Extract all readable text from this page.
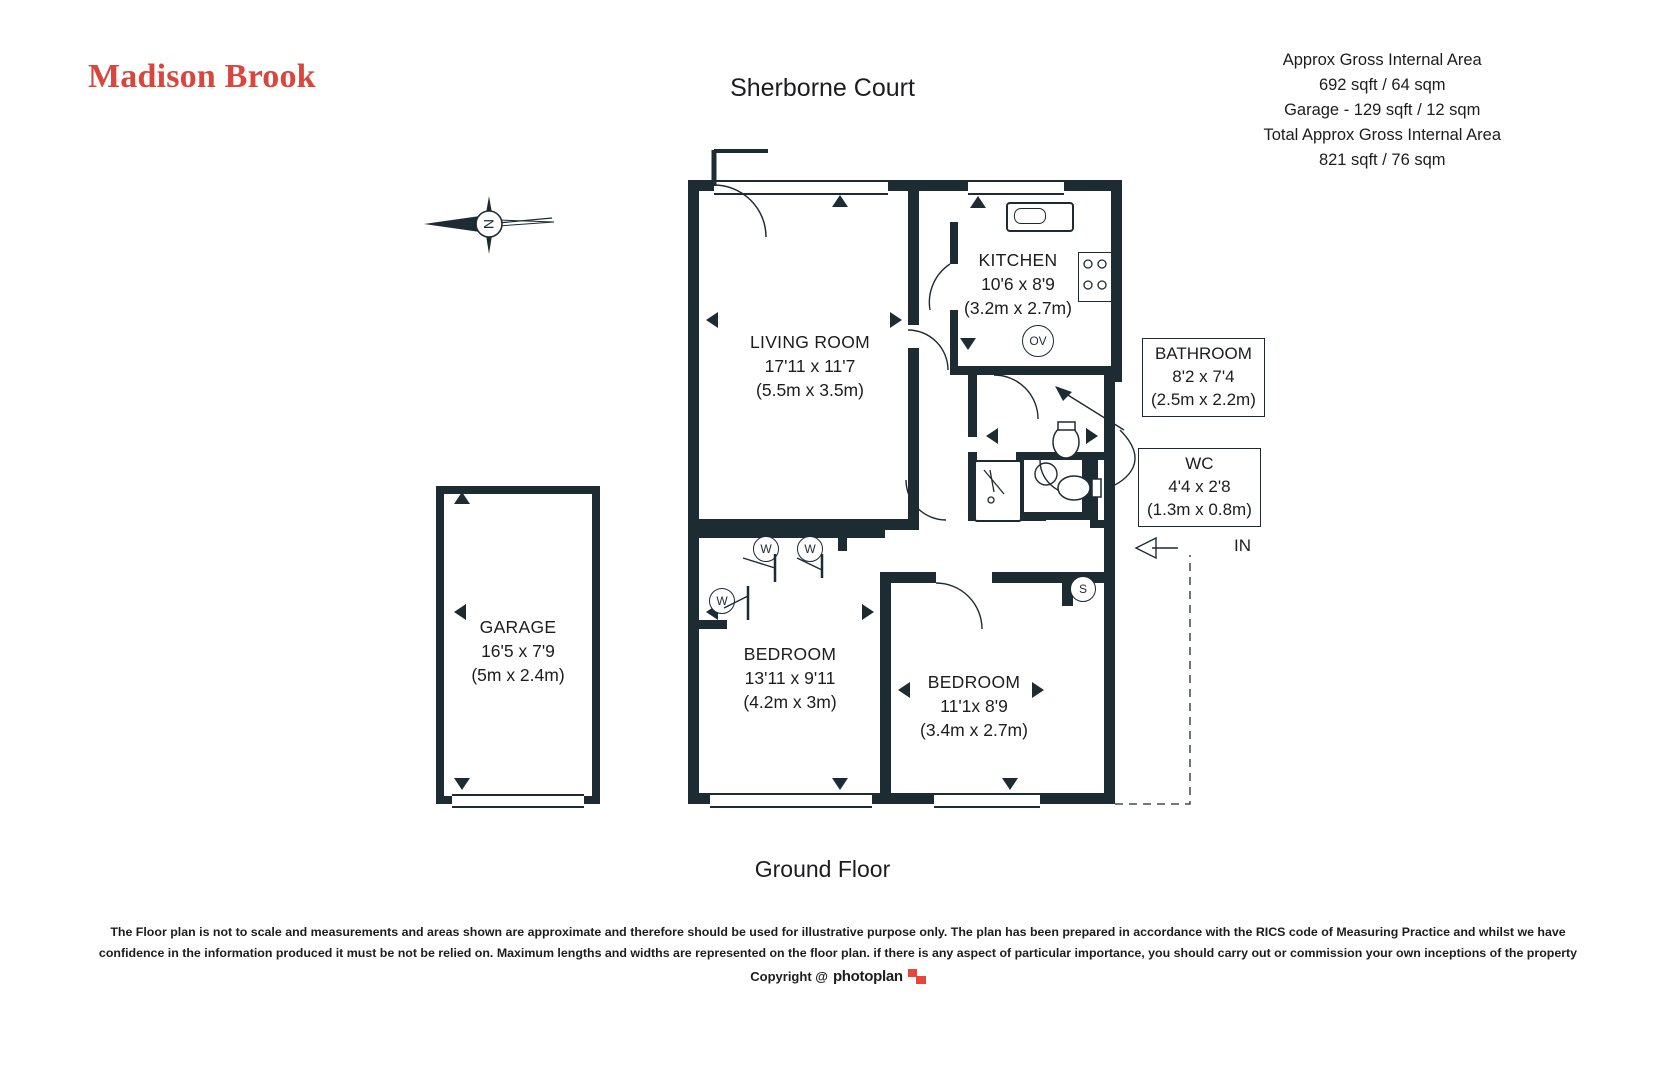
Madison Brook	Sherborne Court
Approx Gross Internal Area
692 sqft / 64 sqm
Garage - 129 sqft / 12 sqm
Total Approx Gross Internal Area
821 sqft / 76 sqm
N
OV
W	W
W
S
LIVING ROOM
17'11 x 11'7
(5.5m x 3.5m)
KITCHEN
10'6 x 8'9
(3.2m x 2.7m)
BEDROOM
13'11 x 9'11
(4.2m x 3m)
BEDROOM
11'1x 8'9
(3.4m x 2.7m)
GARAGE
16'5 x 7'9
(5m x 2.4m)
BATHROOM
8'2 x 7'4
(2.5m x 2.2m)
WC
4'4 x 2'8
(1.3m x 0.8m)
IN
Ground Floor
The Floor plan is not to scale and measurements and areas shown are approximate and therefore should be used for illustrative purpose only. The plan has been prepared in accordance with the RICS code of Measuring Practice and whilst we have
confidence in the information produced it must be not be relied on. Maximum lengths and widths are represented on the floor plan. if there is any aspect of particular importance, you should carry out or commission your own inceptions of the property
Copyright @ photoplan
